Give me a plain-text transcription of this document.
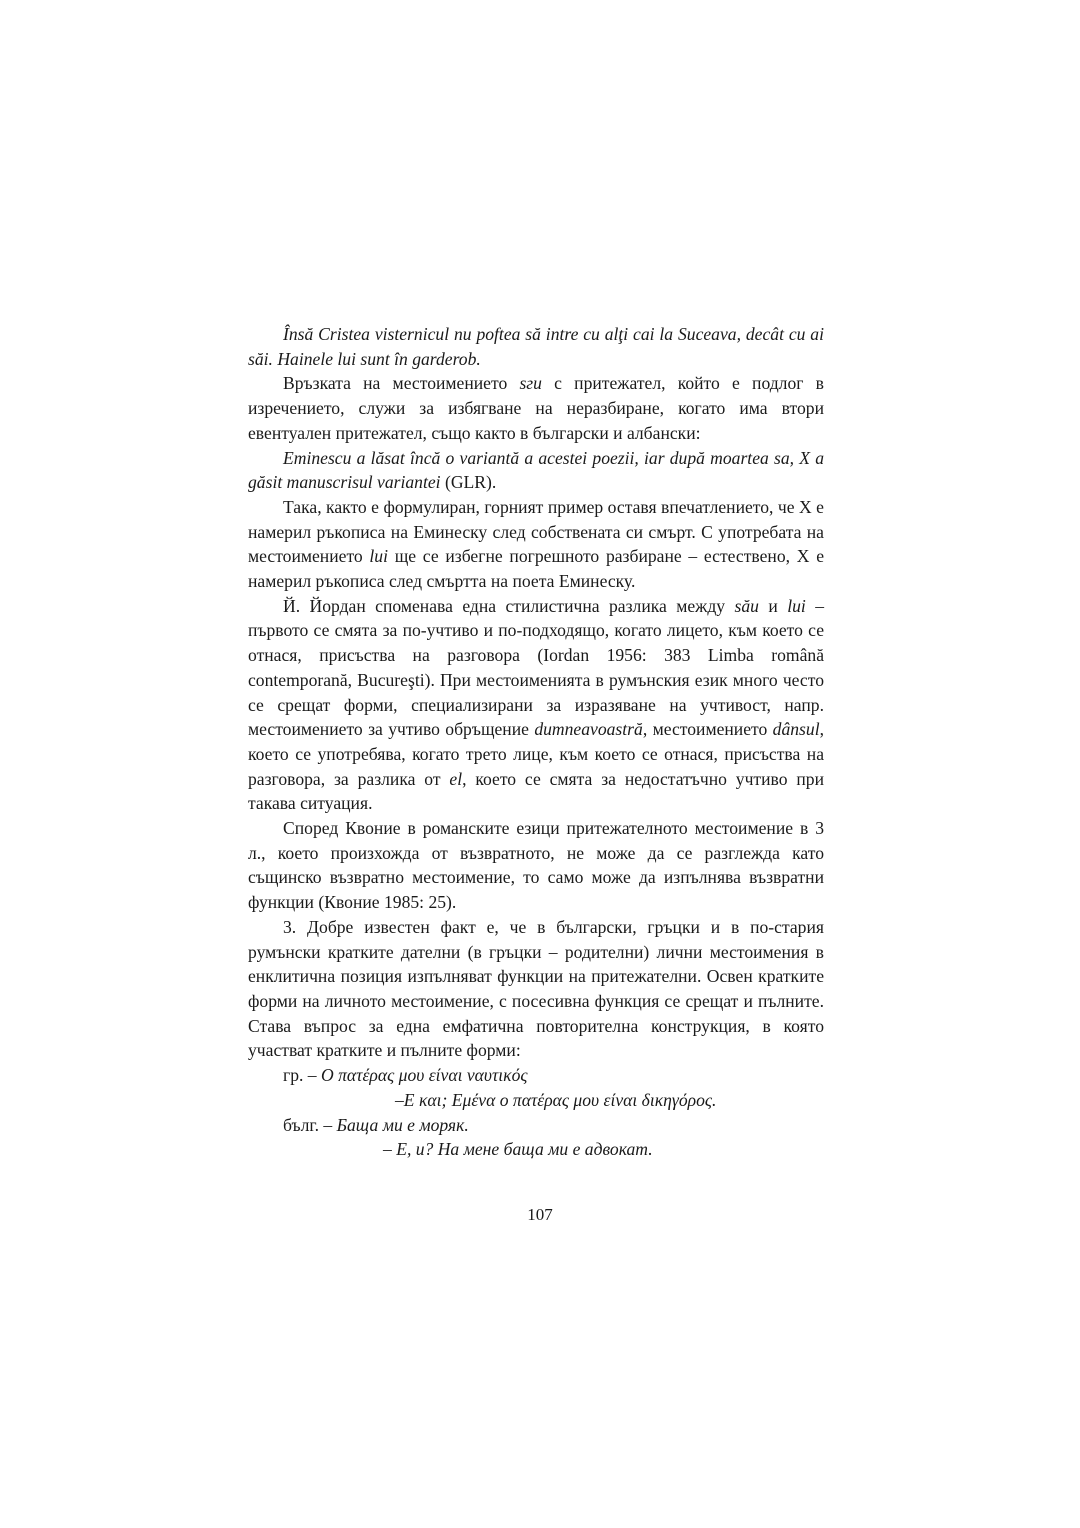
Însă Cristea visternicul nu poftea să intre cu alţi cai la Suceava, decât cu ai săi. Hainele lui sunt în garderob.

Връзката на местоимението sги с притежател, който е подлог в изречението, служи за избягване на неразбиране, когато има втори евентуален притежател, също както в български и албански:

Eminescu a lăsat încă o variantă a acestei poezii, iar după moartea sa, X a găsit manuscrisul variantei (GLR).

Така, както е формулиран, горният пример оставя впечатлението, че X е намерил ръкописа на Еминеску след собствената си смърт. С употребата на местоимението lui ще се избегне погрешното разбиране – естествено, X е намерил ръкописа след смъртта на поета Еминеску.

Й. Йордан споменава една стилистична разлика между său и lui – първото се смята за по-учтиво и по-подходящо, когато лицето, към което се отнася, присъства на разговора (Iordan 1956: 383 Limba română contemporană, Bucureşti). При местоименията в румънския език много често се срещат форми, специализирани за изразяване на учтивост, напр. местоимението за учтиво обръщение dumneavoastră, местоимението dânsul, което се употребява, когато трето лице, към което се отнася, присъства на разговора, за разлика от el, което се смята за недостатъчно учтиво при такава ситуация.

Според Квоние в романските езици притежателното местоимение в 3 л., което произхожда от възвратното, не може да се разглежда като същинско възвратно местоимение, то само може да изпълнява възвратни функции (Квоние 1985: 25).

3. Добре известен факт е, че в български, гръцки и в по-стария румънски кратките дателни (в гръцки – родителни) лични местоимения в енклитична позиция изпълняват функции на притежателни. Освен кратките форми на личното местоимение, с посесивна функция се срещат и пълните. Става въпрос за една емфатична повторителна конструкция, в която участват кратките и пълните форми:

гр. – Ο πατέρας μου είναι ναυτικός
–Ε και; Εμένα ο πατέρας μου είναι δικηγόρος.
бълг. – Баща ми е моряк.
– Е, и? На мене баща ми е адвокат.
107
